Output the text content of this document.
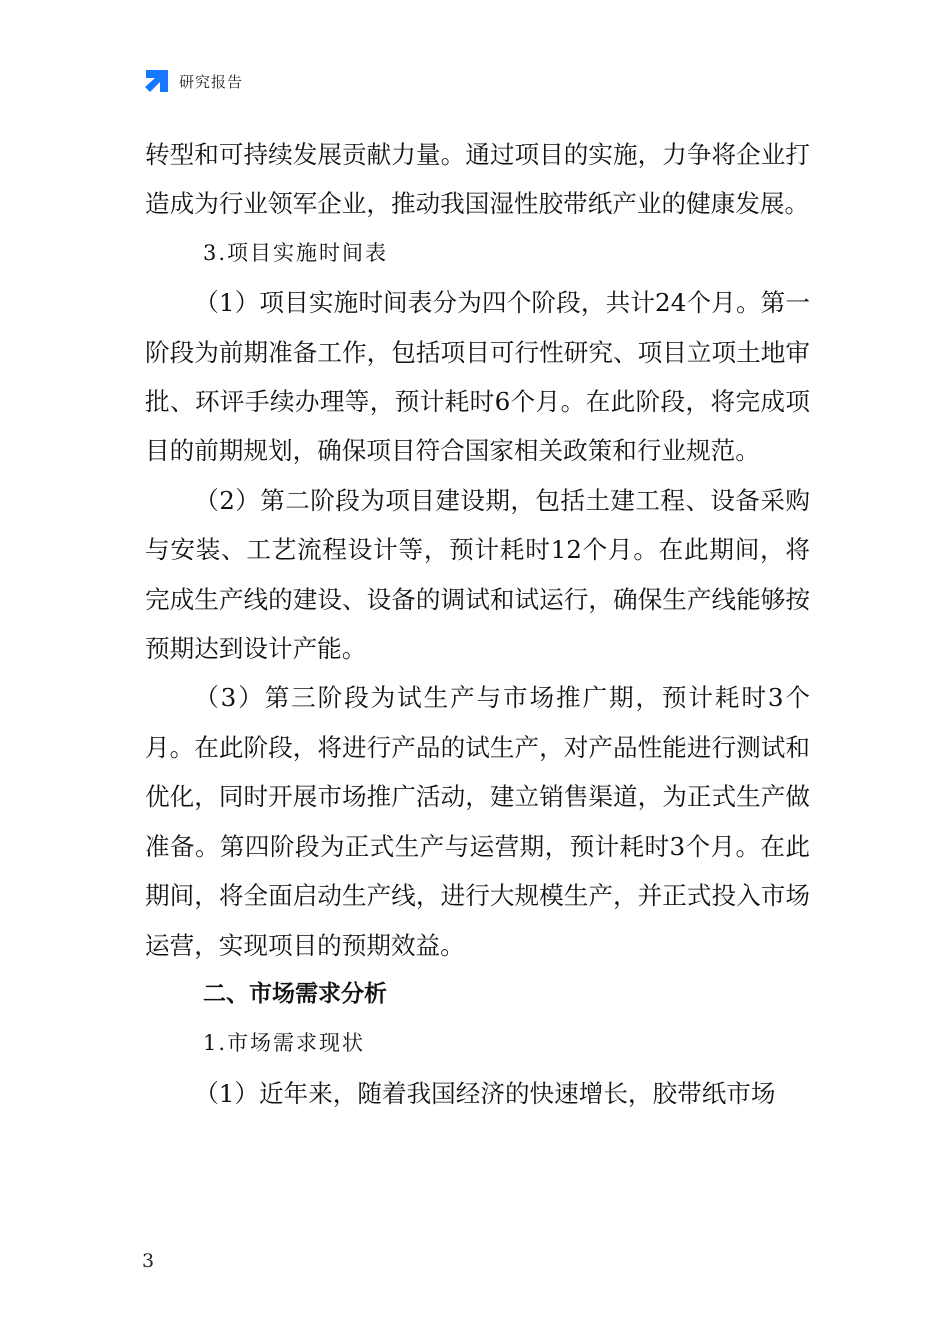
研究报告

转型和可持续发展贡献力量。通过项目的实施，力争将企业打造成为行业领军企业，推动我国湿性胶带纸产业的健康发展。

3.项目实施时间表

（1）项目实施时间表分为四个阶段，共计24个月。第一阶段为前期准备工作，包括项目可行性研究、项目立项土地审批、环评手续办理等，预计耗时6个月。在此阶段，将完成项目的前期规划，确保项目符合国家相关政策和行业规范。

（2）第二阶段为项目建设期，包括土建工程、设备采购与安装、工艺流程设计等，预计耗时12个月。在此期间，将完成生产线的建设、设备的调试和试运行，确保生产线能够按预期达到设计产能。

（3）第三阶段为试生产与市场推广期，预计耗时3个月。在此阶段，将进行产品的试生产，对产品性能进行测试和优化，同时开展市场推广活动，建立销售渠道，为正式生产做准备。第四阶段为正式生产与运营期，预计耗时3个月。在此期间，将全面启动生产线，进行大规模生产，并正式投入市场运营，实现项目的预期效益。

二、市场需求分析

1.市场需求现状

（1）近年来，随着我国经济的快速增长，胶带纸市场

3
